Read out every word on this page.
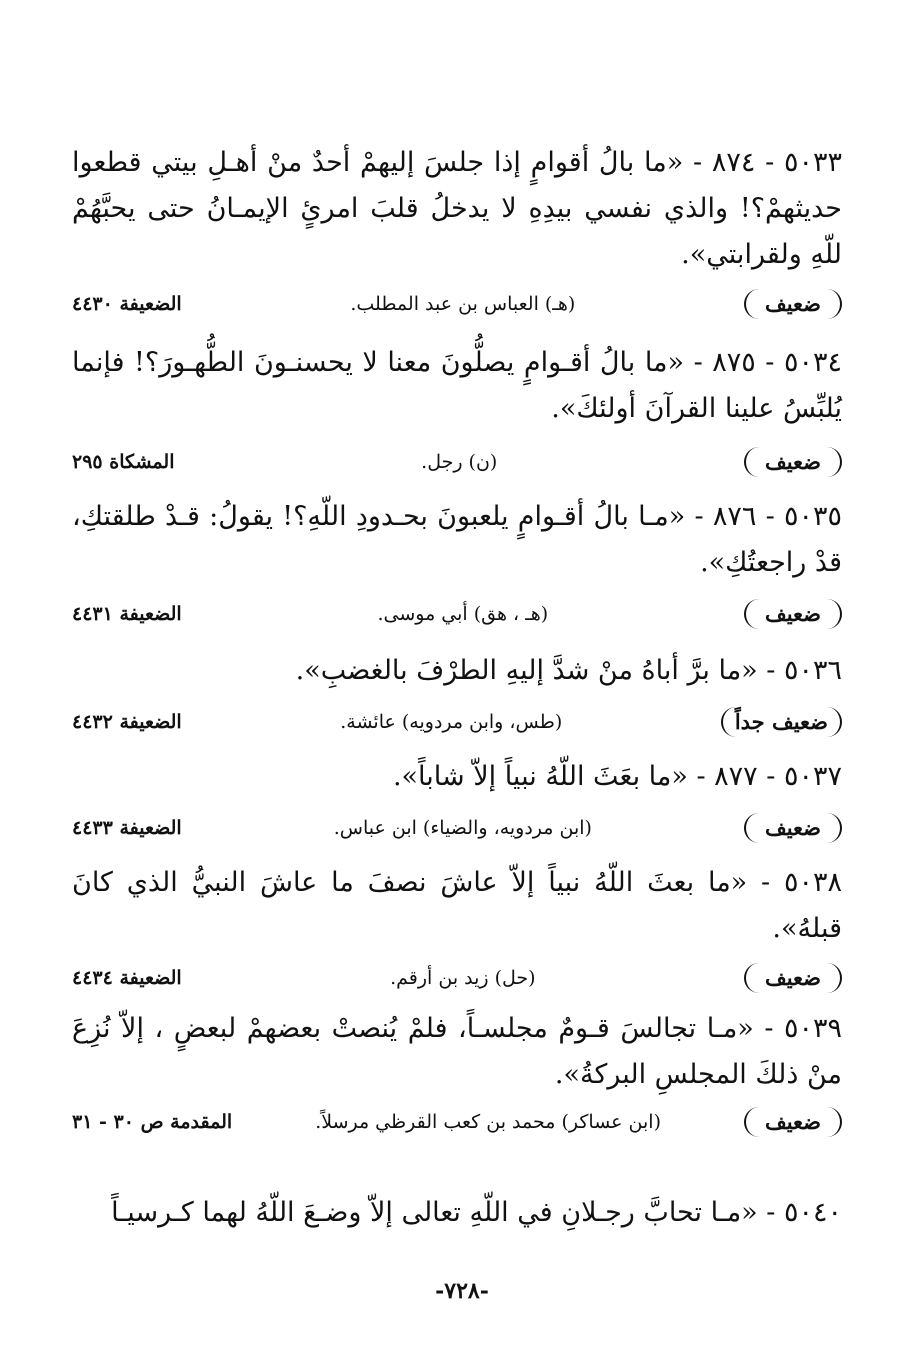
٥٠٣٣ - ٨٧٤ - «ما بالُ أقوامٍ إذا جلسَ إليهمْ أحدٌ منْ أهـلِ بيتي قطعوا حديثهمْ؟! والذي نفسي بيدِهِ لا يدخلُ قلبَ امرئٍ الإيمـانُ حتى يحبَّهُمْ للّهِ ولقرابتي».
ضعيف
(هـ) العباس بن عبد المطلب.
الضعيفة ٤٤٣٠
٥٠٣٤ - ٨٧٥ - «ما بالُ أقـوامٍ يصلُّونَ معنا لا يحسنـونَ الطُّهـورَ؟! فإنما يُلبِّسُ علينا القرآنَ أولئكَ».
ضعيف
(ن) رجل.
المشكاة ٢٩٥
٥٠٣٥ - ٨٧٦ - «مـا بالُ أقـوامٍ يلعبونَ بحـدودِ اللّهِ؟! يقولُ: قـدْ طلقتكِ، قدْ راجعتُكِ».
ضعيف
(هـ ، هق) أبي موسى.
الضعيفة ٤٤٣١
٥٠٣٦ - «ما برَّ أباهُ منْ شدَّ إليهِ الطرْفَ بالغضبِ».
ضعيف جداً
(طس، وابن مردويه) عائشة.
الضعيفة ٤٤٣٢
٥٠٣٧ - ٨٧٧ - «ما بعَثَ اللّهُ نبياً إلاّ شاباً».
ضعيف
(ابن مردويه، والضياء) ابن عباس.
الضعيفة ٤٤٣٣
٥٠٣٨ - «ما بعثَ اللّهُ نبياً إلاّ عاشَ نصفَ ما عاشَ النبيُّ الذي كانَ قبلهُ».
ضعيف
(حل) زيد بن أرقم.
الضعيفة ٤٤٣٤
٥٠٣٩ - «مـا تجالسَ قـومٌ مجلسـاً، فلمْ يُنصتْ بعضهمْ لبعضٍ ، إلاّ نُزِعَ منْ ذلكَ المجلسِ البركةُ».
ضعيف
(ابن عساكر) محمد بن كعب القرظي مرسلاً.
المقدمة ص ٣٠ - ٣١
٥٠٤٠ - «مـا تحابَّ رجـلانِ في اللّهِ تعالى إلاّ وضـعَ اللّهُ لهما كـرسيـاً
-٧٢٨-
